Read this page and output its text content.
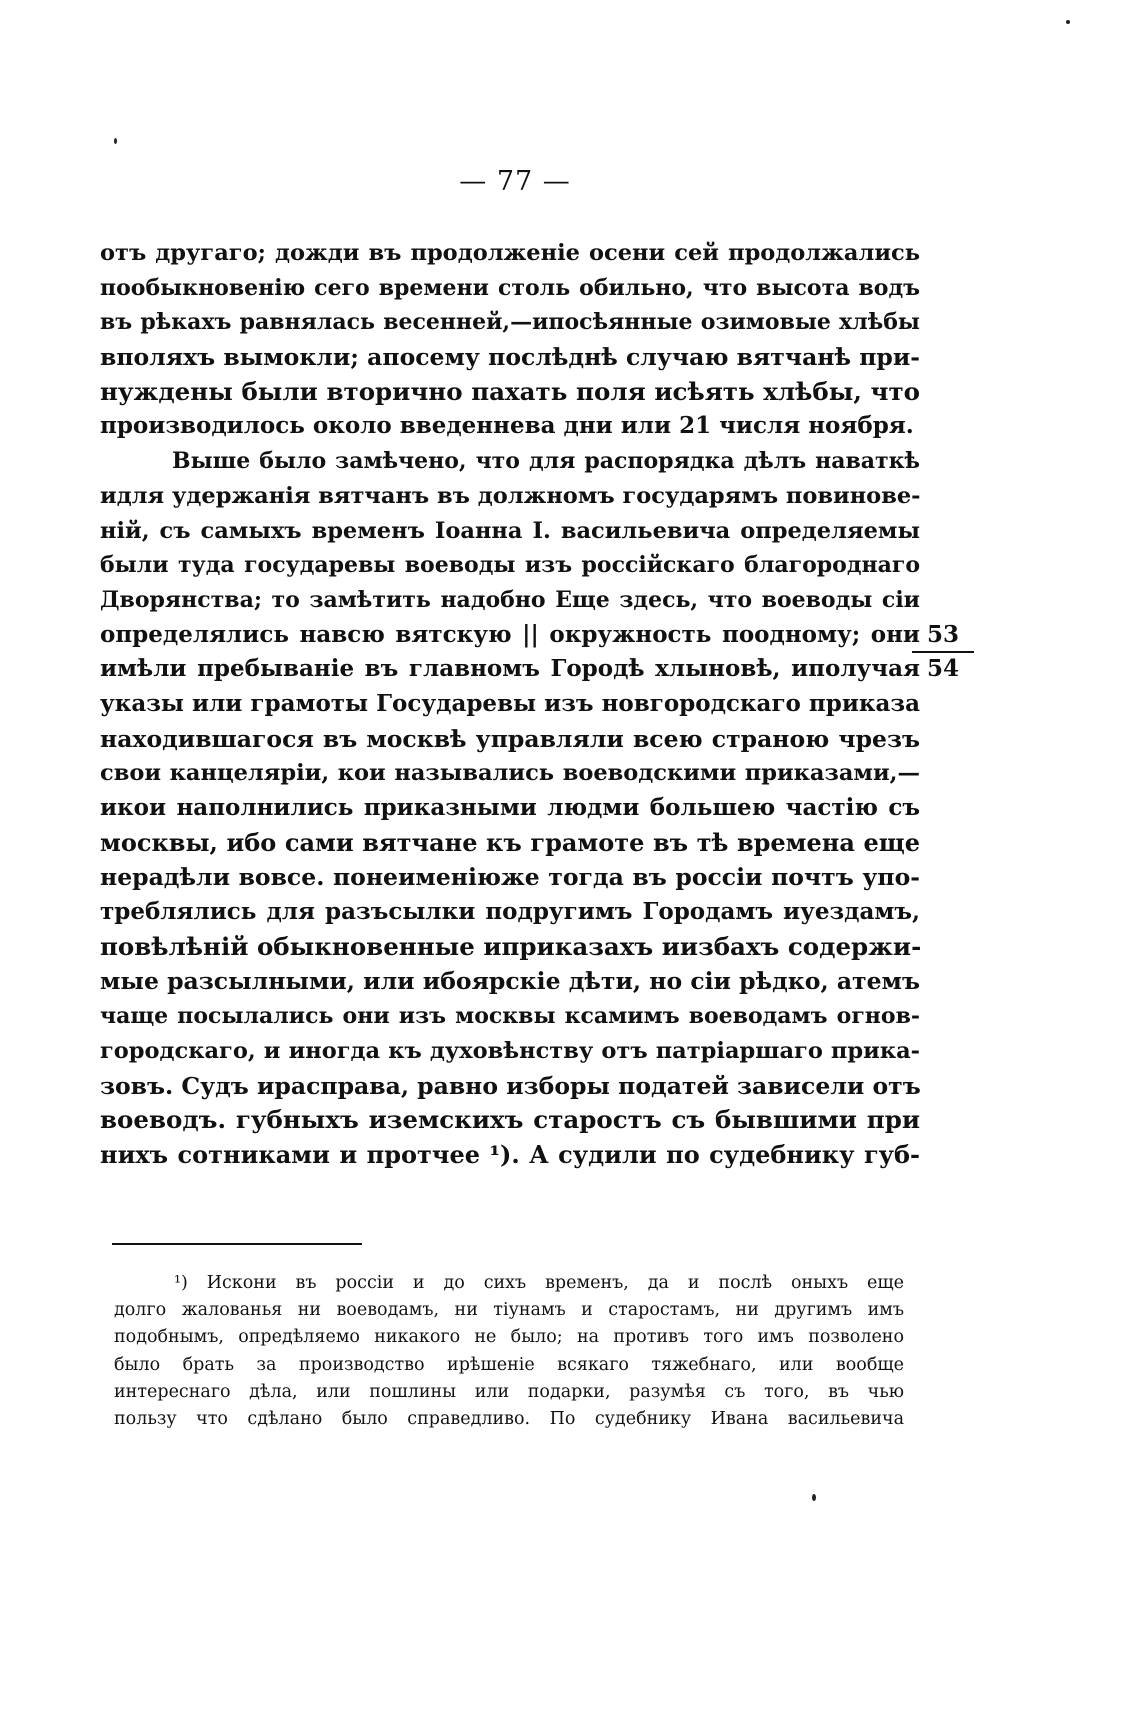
— 77 —
отъ другаго; дожди въ продолженіе осени сей продолжались
пообыкновенію сего времени столь обильно, что высота водъ
въ рѣкахъ равнялась весенней,—ипосѣянные озимовые хлѣбы
вполяхъ вымокли; апосему послѣднѣ случаю вятчанѣ при-
нуждены были вторично пахать поля исѣять хлѣбы, что
производилось около введеннева дни или 21 числя ноября.
Выше было замѣчено, что для распорядка дѣлъ наваткѣ
идля удержанія вятчанъ въ должномъ государямъ повинове-
ній, съ самыхъ временъ Іоанна І. васильевича определяемы
были туда государевы воеводы изъ россійскаго благороднаго
Дворянства; то замѣтить надобно Еще здесь, что воеводы сіи
определялись навсю вятскую || окружность поодному; они
имѣли пребываніе въ главномъ Городѣ хлыновѣ, иполучая
указы или грамоты Государевы изъ новгородскаго приказа
находившагося въ москвѣ управляли всею страною чрезъ
свои канцеляріи, кои назывались воеводскими приказами,—
икои наполнились приказными людми большею частію съ
москвы, ибо сами вятчане къ грамоте въ тѣ времена еще
нерадѣли вовсе. понеименіюже тогда въ россіи почтъ упо-
треблялись для разъсылки подругимъ Городамъ иуездамъ,
повѣлѣній обыкновенные иприказахъ иизбахъ содержи-
мые разсылными, или ибоярскіе дѣти, но сіи рѣдко, атемъ
чаще посылались они изъ москвы ксамимъ воеводамъ огнов-
городскаго, и иногда къ духовѣнству отъ патріаршаго прика-
зовъ. Судъ ирасправа, равно изборы податей зависели отъ
воеводъ. губныхъ иземскихъ старостъ съ бывшими при
нихъ сотниками и протчее ¹). А судили по судебнику губ-
53
54
¹) Искони въ россіи и до сихъ временъ, да и послѣ оныхъ еще
долго жалованья ни воеводамъ, ни тіунамъ и старостамъ, ни другимъ имъ
подобнымъ, опредѣляемо никакого не было; на противъ того имъ позволено
было брать за производство ирѣшеніе всякаго тяжебнаго, или вообще
интереснаго дѣла, или пошлины или подарки, разумѣя съ того, въ чью
пользу что сдѣлано было справедливо. По судебнику Ивана васильевича
